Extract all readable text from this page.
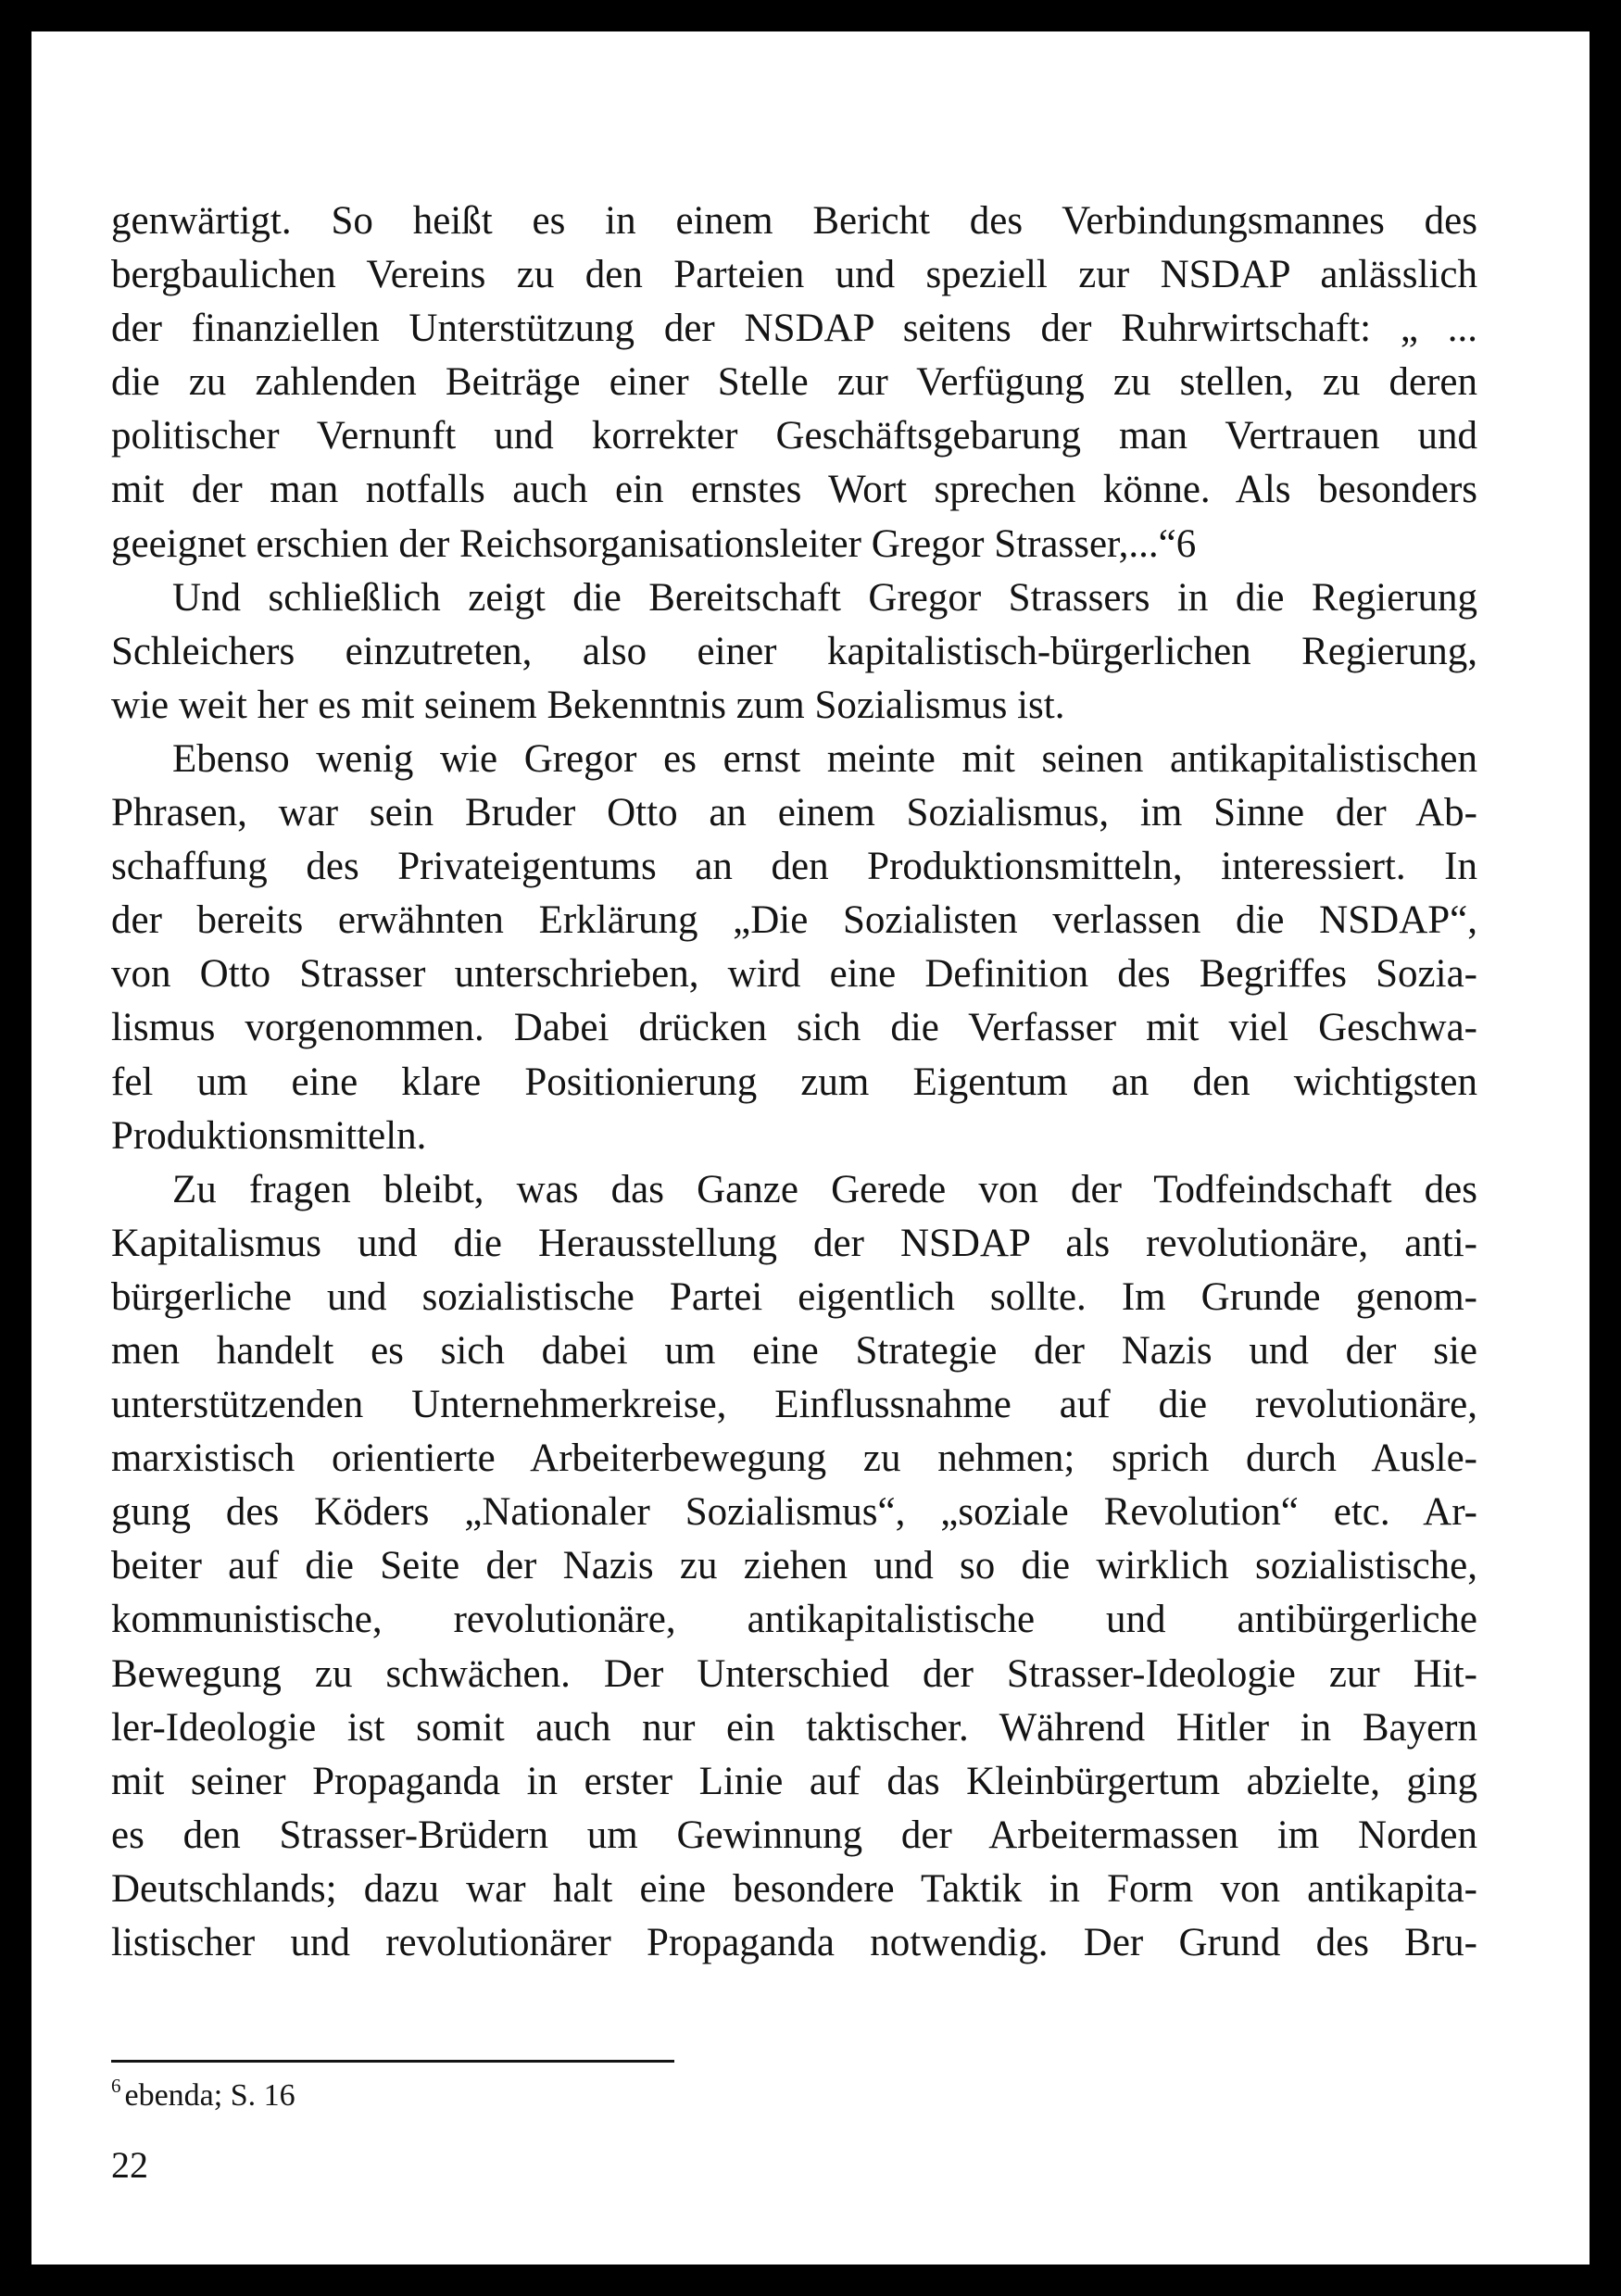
genwärtigt. So heißt es in einem Bericht des Verbindungsmannes des
bergbaulichen Vereins zu den Parteien und speziell zur NSDAP anlässlich
der finanziellen Unterstützung der NSDAP seitens der Ruhrwirtschaft: „ ...
die zu zahlenden Beiträge einer Stelle zur Verfügung zu stellen, zu deren
politischer Vernunft und korrekter Geschäftsgebarung man Vertrauen und
mit der man notfalls auch ein ernstes Wort sprechen könne. Als besonders
geeignet erschien der Reichsorganisationsleiter Gregor Strasser,...“6

Und schließlich zeigt die Bereitschaft Gregor Strassers in die Regierung
Schleichers einzutreten, also einer kapitalistisch-bürgerlichen Regierung,
wie weit her es mit seinem Bekenntnis zum Sozialismus ist.

Ebenso wenig wie Gregor es ernst meinte mit seinen antikapitalistischen
Phrasen, war sein Bruder Otto an einem Sozialismus, im Sinne der Ab-
schaffung des Privateigentums an den Produktionsmitteln, interessiert. In
der bereits erwähnten Erklärung „Die Sozialisten verlassen die NSDAP“,
von Otto Strasser unterschrieben, wird eine Definition des Begriffes Sozia-
lismus vorgenommen. Dabei drücken sich die Verfasser mit viel Geschwa-
fel um eine klare Positionierung zum Eigentum an den wichtigsten
Produktionsmitteln.

Zu fragen bleibt, was das Ganze Gerede von der Todfeindschaft des
Kapitalismus und die Herausstellung der NSDAP als revolutionäre, anti-
bürgerliche und sozialistische Partei eigentlich sollte. Im Grunde genom-
men handelt es sich dabei um eine Strategie der Nazis und der sie
unterstützenden Unternehmerkreise, Einflussnahme auf die revolutionäre,
marxistisch orientierte Arbeiterbewegung zu nehmen; sprich durch Ausle-
gung des Köders „Nationaler Sozialismus“, „soziale Revolution“ etc. Ar-
beiter auf die Seite der Nazis zu ziehen und so die wirklich sozialistische,
kommunistische, revolutionäre, antikapitalistische und antibürgerliche
Bewegung zu schwächen. Der Unterschied der Strasser-Ideologie zur Hit-
ler-Ideologie ist somit auch nur ein taktischer. Während Hitler in Bayern
mit seiner Propaganda in erster Linie auf das Kleinbürgertum abzielte, ging
es den Strasser-Brüdern um Gewinnung der Arbeitermassen im Norden
Deutschlands; dazu war halt eine besondere Taktik in Form von antikapita-
listischer und revolutionärer Propaganda notwendig. Der Grund des Bru-

$^6$ ebenda; S. 16
22
